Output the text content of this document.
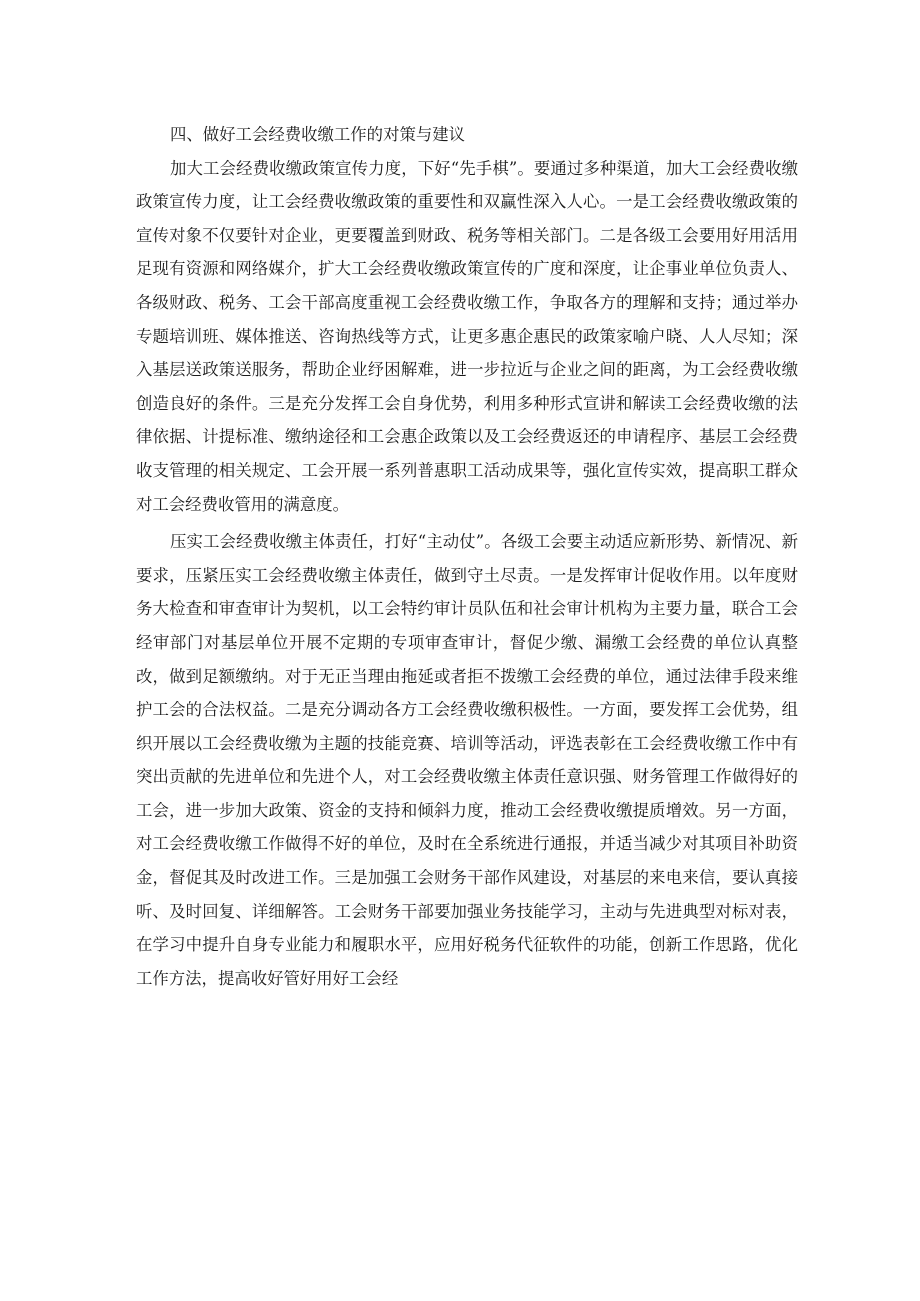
四、做好工会经费收缴工作的对策与建议

加大工会经费收缴政策宣传力度，下好“先手棋”。要通过多种渠道，加大工会经费收缴政策宣传力度，让工会经费收缴政策的重要性和双赢性深入人心。一是工会经费收缴政策的宣传对象不仅要针对企业，更要覆盖到财政、税务等相关部门。二是各级工会要用好用活用足现有资源和网络媒介，扩大工会经费收缴政策宣传的广度和深度，让企事业单位负责人、各级财政、税务、工会干部高度重视工会经费收缴工作，争取各方的理解和支持；通过举办专题培训班、媒体推送、咨询热线等方式，让更多惠企惠民的政策家喻户晓、人人尽知；深入基层送政策送服务，帮助企业纾困解难，进一步拉近与企业之间的距离，为工会经费收缴创造良好的条件。三是充分发挥工会自身优势，利用多种形式宣讲和解读工会经费收缴的法律依据、计提标准、缴纳途径和工会惠企政策以及工会经费返还的申请程序、基层工会经费收支管理的相关规定、工会开展一系列普惠职工活动成果等，强化宣传实效，提高职工群众对工会经费收管用的满意度。

压实工会经费收缴主体责任，打好“主动仗”。各级工会要主动适应新形势、新情况、新要求，压紧压实工会经费收缴主体责任，做到守土尽责。一是发挥审计促收作用。以年度财务大检查和审查审计为契机，以工会特约审计员队伍和社会审计机构为主要力量，联合工会经审部门对基层单位开展不定期的专项审查审计，督促少缴、漏缴工会经费的单位认真整改，做到足额缴纳。对于无正当理由拖延或者拒不拨缴工会经费的单位，通过法律手段来维护工会的合法权益。二是充分调动各方工会经费收缴积极性。一方面，要发挥工会优势，组织开展以工会经费收缴为主题的技能竞赛、培训等活动，评选表彰在工会经费收缴工作中有突出贡献的先进单位和先进个人，对工会经费收缴主体责任意识强、财务管理工作做得好的工会，进一步加大政策、资金的支持和倾斜力度，推动工会经费收缴提质增效。另一方面，对工会经费收缴工作做得不好的单位，及时在全系统进行通报，并适当减少对其项目补助资金，督促其及时改进工作。三是加强工会财务干部作风建设，对基层的来电来信，要认真接听、及时回复、详细解答。工会财务干部要加强业务技能学习，主动与先进典型对标对表，在学习中提升自身专业能力和履职水平，应用好税务代征软件的功能，创新工作思路，优化工作方法，提高收好管好用好工会经
